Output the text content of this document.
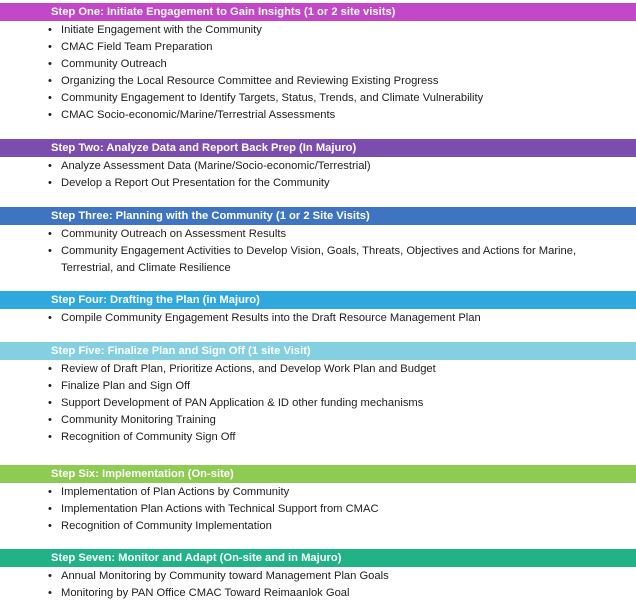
Step One: Initiate Engagement to Gain Insights (1 or 2 site visits)
• Initiate Engagement with the Community
• CMAC Field Team Preparation
• Community Outreach
• Organizing the Local Resource Committee and Reviewing Existing Progress
• Community Engagement to Identify Targets, Status, Trends, and Climate Vulnerability
• CMAC Socio-economic/Marine/Terrestrial Assessments
Step Two: Analyze Data and Report Back Prep (In Majuro)
• Analyze Assessment Data (Marine/Socio-economic/Terrestrial)
• Develop a Report Out Presentation for the Community
Step Three: Planning with the Community (1 or 2 Site Visits)
• Community Outreach on Assessment Results
• Community Engagement Activities to Develop Vision, Goals, Threats, Objectives and Actions for Marine, Terrestrial, and Climate Resilience
Step Four: Drafting the Plan (in Majuro)
• Compile Community Engagement Results into the Draft Resource Management Plan
Step Five: Finalize Plan and Sign Off (1 site Visit)
• Review of Draft Plan, Prioritize Actions, and Develop Work Plan and Budget
• Finalize Plan and Sign Off
• Support Development of PAN Application & ID other funding mechanisms
• Community Monitoring Training
• Recognition of Community Sign Off
Step Six: Implementation (On-site)
• Implementation of Plan Actions by Community
• Implementation Plan Actions with Technical Support from CMAC
• Recognition of Community Implementation
Step Seven: Monitor and Adapt (On-site and in Majuro)
• Annual Monitoring by Community toward Management Plan Goals
• Monitoring by PAN Office CMAC Toward Reimaanlok Goal
